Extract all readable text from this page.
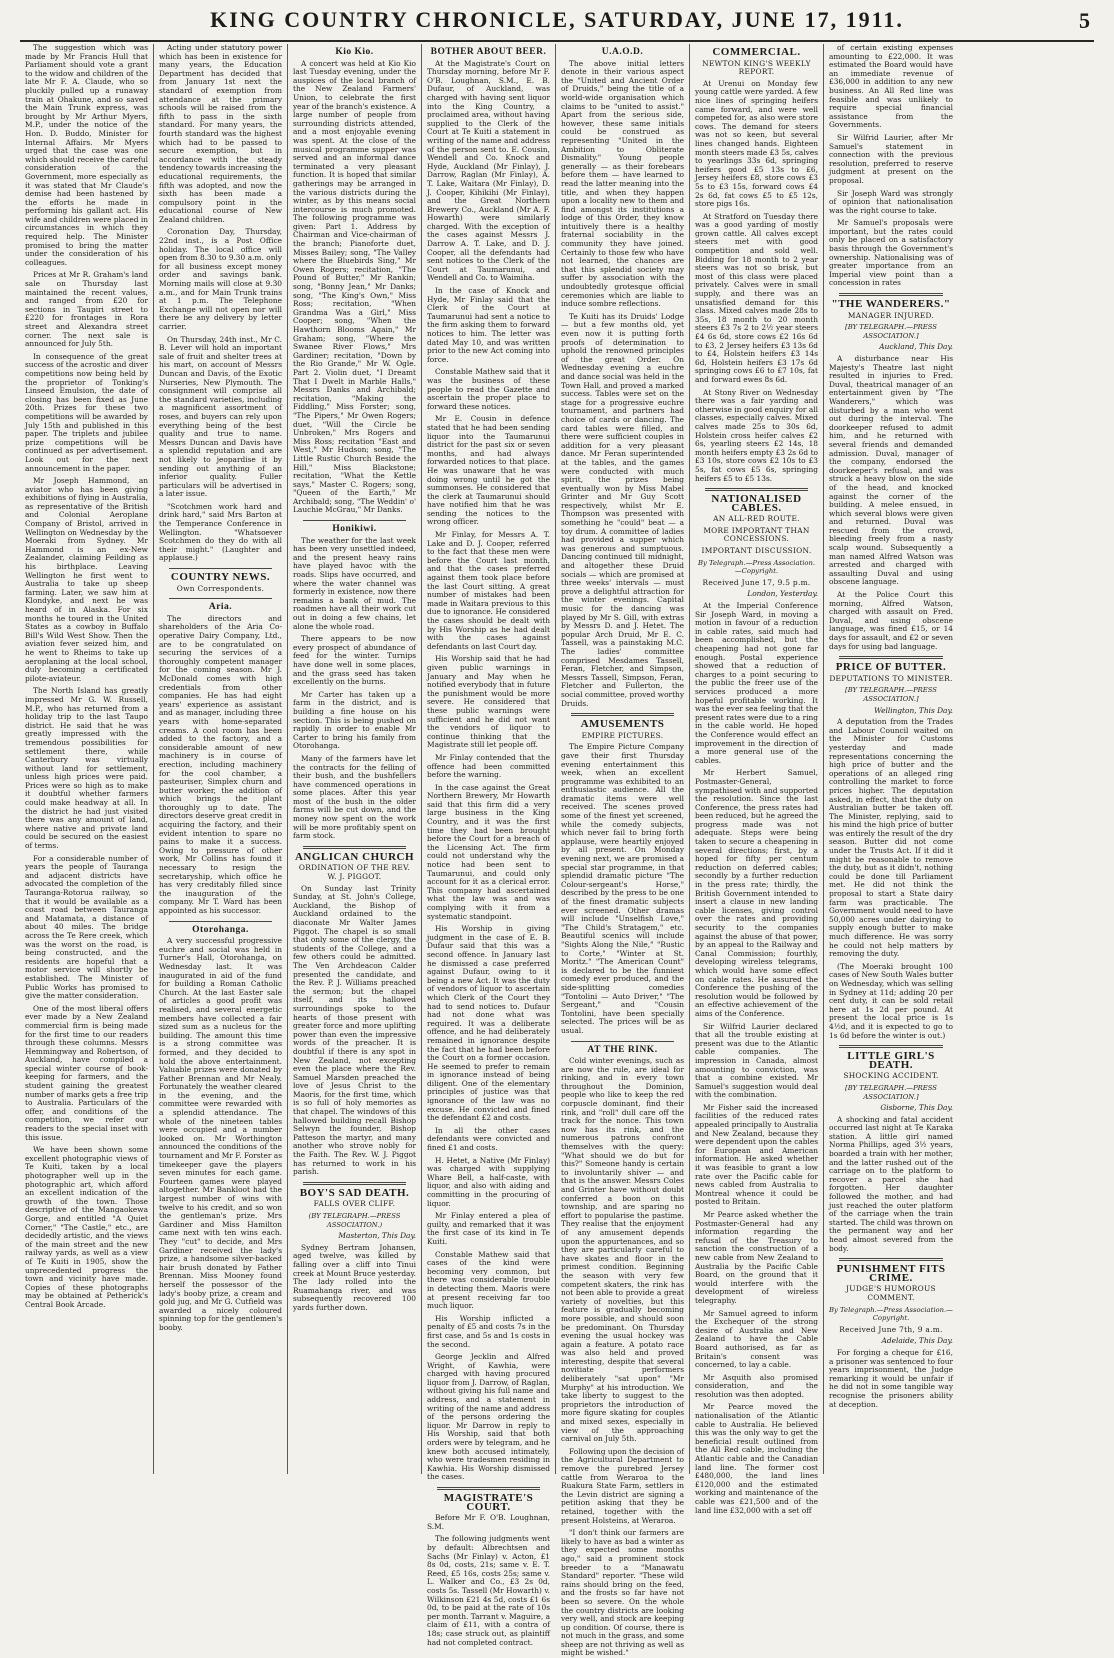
KING COUNTRY CHRONICLE, SATURDAY, JUNE 17, 1911.	5

The suggestion which was made by Mr Francis Hull that Parliament should vote a grant to the widow and children of the late Mr F. A. Claude, who so pluckily pulled up a runaway train at Ohakune, and so saved the Main Trunk express, was brought by Mr Arthur Myers, M.P., under the notice of the Hon. D. Buddo, Minister for Internal Affairs. Mr Myers urged that the case was one which should receive the careful consideration of the Government, more especially as it was stated that Mr Claude's demise had been hastened by the efforts he made in performing his gallant act. His wife and children were placed in circumstances in which they required help. The Minister promised to bring the matter under the consideration of his colleagues.

Prices at Mr R. Graham's land sale on Thursday last maintained the recent values, and ranged from £20 for sections in Taupiri street to £220 for frontages in Rora street and Alexandra street corner. The next sale is announced for July 5th.

In consequence of the great success of the acrostic and diver competitions now being held by the proprietor of Tonking's Linseed Emulsion, the date of closing has been fixed as June 20th. Prizes for these two competitions will be awarded by July 15th and published in this paper. The triplets and jubilee prize competitions will be continued as per advertisement. Look out for the next announcement in the paper.

Mr Joseph Hammond, an aviator who has been giving exhibitions of flying in Australia, as representative of the British and Colonial Aeroplane Company of Bristol, arrived in Wellington on Wednesday by the Moeraki from Sydney. Mr Hammond is an ex-New Zealander, claiming Feilding as his birthplace. Leaving Wellington he first went to Australia to take up sheep farming. Later, we saw him at Klondyke, and next he was heard of in Alaska. For six months he toured in the United States as a cowboy in Buffalo Bill's Wild West Show. Then the aviation fever seized him, and he went to Rheims to take up aeroplaning at the local school, duly becoming a certificated pilote-aviateur.

The North Island has greatly impressed Mr G. W. Russell, M.P., who has returned from a holiday trip to the last Taupo district. He said that he was greatly impressed with the tremendous possibilities for settlement there, while Canterbury was virtually without land for settlement, unless high prices were paid. Prices were so high as to make it doubtful whether farmers could make headway at all. In the district he had just visited there was any amount of land, where native and private land could be secured on the easiest of terms.

For a considerable number of years the people of Tauranga and adjacent districts have advocated the completion of the Tauranga-Rotorua railway, so that it would be available as a coast road between Tauranga and Matamata, a distance of about 40 miles. The bridge across the Te Rere creek, which was the worst on the road, is being constructed, and the residents are hopeful that a motor service will shortly be established. The Minister of Public Works has promised to give the matter consideration.

One of the most liberal offers ever made by a New Zealand commercial firm is being made for the first time to our readers through these columns. Messrs Hemmingway and Robertson, of Auckland, have compiled a special winter course of book-keeping for farmers, and the student gaining the greatest number of marks gets a free trip to Australia. Particulars of the offer, and conditions of the competition, we refer our readers to the special inset with this issue.

We have been shown some excellent photographic views of Te Kuiti, taken by a local photographer well up in the photographic art, which afford an excellent indication of the growth of the town. Those descriptive of the Mangaokewa Gorge, and entitled "A Quiet Corner," "The Castle," etc., are decidedly artistic, and the views of the main street and the new railway yards, as well as a view of Te Kuiti in 1905, show the unprecedented progress the town and vicinity have made. Copies of these photographs may be obtained at Petherick's Central Book Arcade.

Acting under statutory power which has been in existence for many years, the Education Department has decided that from January 1st next the standard of exemption from attendance at the primary schools will be raised from the fifth to pass in the sixth standard. For many years, the fourth standard was the highest which had to be passed to secure exemption, but in accordance with the steady tendency towards increasing the educational requirements, the fifth was adopted, and now the sixth has been made a compulsory point in the educational course of New Zealand children.

Coronation Day, Thursday, 22nd inst., is a Post Office holiday. The local office will open from 8.30 to 9.30 a.m. only for all business except money order and savings bank. Morning mails will close at 9.30 a.m., and for Main Trunk trains at 1 p.m. The Telephone Exchange will not open nor will there be any delivery by letter carrier.

On Thursday, 24th inst., Mr C. B. Lever will hold an important sale of fruit and shelter trees at his mart, on account of Messrs Duncan and Davis, of the Exotic Nurseries, New Plymouth. The consignment will comprise all the standard varieties, including a magnificent assortment of roses, and buyers can rely upon everything being of the best quality and true to name. Messrs Duncan and Davis have a splendid reputation and are not likely to jeopardise it by sending out anything of an inferior quality. Fuller particulars will be advertised in a later issue.

"Scotchmen work hard and drink hard," said Mrs Barton at the Temperance Conference in Wellington. "Whatsoever Scotchmen do they do with all their might." (Laughter and applause.)

COUNTRY NEWS.
Own Correspondents.
Aria.

The directors and shareholders of the Aria Co-operative Dairy Company, Ltd., are to be congratulated on securing the services of a thoroughly competent manager for the coming season. Mr J. McDonald comes with high credentials from other companies. He has had eight years' experience as assistant and as manager, including three years with home-separated creams. A cool room has been added to the factory, and a considerable amount of new machinery is in course of erection, including machinery for the cool chamber, a pasteuriser, Simplex churn and butter worker, the addition of which brings the plant thoroughly up to date. The directors deserve great credit in acquiring the factory, and their evident intention to spare no pains to make it a success. Owing to pressure of other work, Mr Collins has found it necessary to resign the secretaryship, which office he has very creditably filled since the inauguration of the company. Mr T. Ward has been appointed as his successor.

Otorohanga.

A very successful progressive euchre and social was held in Turner's Hall, Otorohanga, on Wednesday last. It was inaugurated in aid of the fund for building a Roman Catholic Church. At the last Easter sale of articles a good profit was realised, and several energetic members have collected a fair sized sum as a nucleus for the building. The amount this time is a strong committee was formed, and they decided to hold the above entertainment. Valuable prizes were donated by Father Brennan and Mr Nealy. Fortunately the weather cleared in the evening, and the committee were rewarded with a splendid attendance. The whole of the nineteen tables were occupied and a number looked on. Mr Worthington announced the conditions of the tournament and Mr F. Forster as timekeeper gave the players seven minutes for each game. Fourteen games were played altogether. Mr Bankloot had the largest number of wins with twelve to his credit, and so won the gentleman's prize. Mrs Gardiner and Miss Hamilton came next with ten wins each. They "cut" to decide, and Mrs Gardiner received the lady's prize, a handsome silver-backed hair brush donated by Father Brennan. Miss Mooney found herself the possessor of the lady's booby prize, a cream and gold jug, and Mr G. Cutfield was awarded a nicely coloured spinning top for the gentlemen's booby.

Kio Kio.

A concert was held at Kio Kio last Tuesday evening, under the auspices of the local branch of the New Zealand Farmers' Union, to celebrate the first year of the branch's existence. A large number of people from surrounding districts attended, and a most enjoyable evening was spent. At the close of the musical programme supper was served and an informal dance terminated a very pleasant function. It is hoped that similar gatherings may be arranged in the various districts during the winter, as by this means social intercourse is much promoted. The following programme was given: Part 1. Address by Chairman and Vice-chairman of the branch; Pianoforte duet, Misses Bailey; song, "The Valley where the Bluebirds Sing," Mr Owen Rogers; recitation, "The Pound of Butter," Mr Rankin; song, "Bonny Jean," Mr Danks; song, "The King's Own," Miss Ross; recitation, "When Grandma Was a Girl," Miss Cooper; song, "When the Hawthorn Blooms Again," Mr Graham; song, "Where the Swanee River Flows," Mrs Gardiner; recitation, "Down by the Rio Grande," Mr W. Ogle. Part 2. Violin duet, "I Dreamt That I Dwelt in Marble Halls," Messrs Danks and Archibald; recitation, "Making the Fiddling," Miss Forster; song, "The Pipers," Mr Owen Rogers; duet, "Will the Circle be Unbroken," Mrs Rogers and Miss Ross; recitation "East and West," Mr Hudson; song, "The Little Rustic Church Beside the Hill," Miss Blackstone; recitation, "What the Kettle says," Master C. Rogers; song, "Queen of the Earth," Mr Archibald; song, "The Weddin' o' Lauchie McGrau," Mr Danks.

Honikiwi.

The weather for the last week has been very unsettled indeed, and the present heavy rains have played havoc with the roads. Slips have occurred, and where the water channel was formerly in existence, now there remains a bank of mud. The roadmen have all their work cut out in doing a few chains, let alone the whole road.

There appears to be now every prospect of abundance of feed for the winter. Turnips have done well in some places, and the grass seed has taken excellently on the burns.

Mr Carter has taken up a farm in the district, and is building a fine house on his section. This is being pushed on rapidly in order to enable Mr Carter to bring his family from Otorohanga.

Many of the farmers have let the contracts for the felling of their bush, and the bushfellers have commenced operations in some places. After this year most of the bush in the older farms will be cut down, and the money now spent on the work will be more profitably spent on farm stock.

ANGLICAN CHURCH
ORDINATION OF THE REV. W. J. PIGGOT.

On Sunday last Trinity Sunday, at St. John's College, Auckland, the Bishop of Auckland ordained to the diaconate Mr Walter James Piggot. The chapel is so small that only some of the clergy, the students of the College, and a few others could be admitted. The Ven Archdeacon Calder presented the candidate, and the Rev. P. J. Williams preached the sermon; but the chapel itself, and its hallowed surroundings spoke to the hearts of those present with greater force and more uplifting power than even the impressive words of the preacher. It is doubtful if there is any spot in New Zealand, not excepting even the place where the Rev. Samuel Marsden preached the love of Jesus Christ to the Maoris, for the first time, which is so full of holy memories as that chapel. The windows of this hallowed building recall Bishop Selwyn the founder, Bishop Patteson the martyr, and many another who strove nobly for the Faith. The Rev. W. J. Piggot has returned to work in his parish.

BOY'S SAD DEATH.
FALLS OVER CLIFF.
(BY TELEGRAPH.—PRESS ASSOCIATION.)
Masterton, This Day.

Sydney Bertram Johansen, aged twelve, was killed by falling over a cliff into Tinui creek at Mount Bruce yesterday. The lady rolled into the Ruamahanga river, and was subsequently recovered 100 yards further down.

BOTHER ABOUT BEER.

At the Magistrate's Court on Thursday morning, before Mr F. O'B. Loughnan, S.M., E. B. Dufaur, of Auckland, was charged with having sent liquor into the King Country, a proclaimed area, without having supplied to the Clerk of the Court at Te Kuiti a statement in writing of the name and address of the person sent to. E. Cousin, Wendell and Co. Knock and Hyde, Auckland (Mr Finlay), J. Darrow, Raglan (Mr Finlay), A. T. Lake, Waitara (Mr Finlay), D. J. Cooper, Kihikihi (Mr Finlay), and the Great Northern Brewery Co., Auckland (Mr A. F. Howarth) were similarly charged. With the exception of the cases against Messrs J. Darrow A. T. Lake, and D. J. Cooper, all the defendants had sent notices to the Clerk of the Court at Taumarunui, and Wendell and Co. to Waimiha.

In the case of Knock and Hyde, Mr Finlay said that the Clerk of the Court at Taumarunui had sent a notice to the firm asking them to forward notices to him. The letter was dated May 10, and was written prior to the new Act coming into force.

Constable Mathew said that it was the business of these people to read the Gazette and ascertain the proper place to forward these notices.

Mr E. Cousin in defence stated that he had been sending liquor into the Taumarunui district for the past six or seven months, and had always forwarded notices to that place. He was unaware that he was doing wrong until he got the summonses. He considered that the clerk at Taumarunui should have notified him that he was sending the notices to the wrong officer.

Mr Finlay, for Messrs A. T. Lake and D. J. Cooper, referred to the fact that these men were before the Court last month, and that the cases preferred against them took place before the last Court sitting. A great number of mistakes had been made in Waitara previous to this due to ignorance. He considered the cases should be dealt with by His Worship as he had dealt with the cases against defendants on last Court day.

His Worship said that he had given public warnings in January and May when he notified everybody that in future the punishment would be more severe. He considered that these public warnings were sufficient and he did not want the vendors of liquor to continue thinking that the Magistrate still let people off.

Mr Finlay contended that the offence had been committed before the warning.

In the case against the Great Northern Brewery, Mr Howarth said that this firm did a very large business in the King Country, and it was the first time they had been brought before the Court for a breach of the Licensing Act. The firm could not understand why the notice had been sent to Taumarunui, and could only account for it as a clerical error. This company had ascertained what the law was and was complying with it from a systematic standpoint.

His Worship in giving judgment in the case of E. B. Dufaur said that this was a second offence. In January last he dismissed a case preferred against Dufaur, owing to it being a new Act. It was the duty of vendors of liquor to ascertain which Clerk of the Court they had to send notices to. Dufaur had not done what was required. It was a deliberate offence, and he had deliberately remained in ignorance despite the fact that he had been before the Court on a former occasion. He seemed to prefer to remain in ignorance instead of being diligent. One of the elementary principles of justice was that ignorance of the law was no excuse. He convicted and fined the defendant £2 and costs.

In all the other cases defendants were convicted and fined £1 and costs.

H. Hetet, a Native (Mr Finlay) was charged with supplying Whare Bell, a half-caste, with liquor, and also with aiding and committing in the procuring of liquor.

Mr Finlay entered a plea of guilty, and remarked that it was the first case of its kind in Te Kuiti.

Constable Mathew said that cases of the kind were becoming very common, but there was considerable trouble in detecting them. Maoris were at present receiving far too much liquor.

His Worship inflicted a penalty of £5 and costs 7s in the first case, and 5s and 1s costs in the second.

George Jecklin and Alfred Wright, of Kawhia, were charged with having procured liquor from J. Darrow, of Raglan, without giving his full name and address, and a statement in writing of the name and address of the persons ordering the liquor. Mr Darrow in reply to His Worship, said that both orders were by telegram, and he knew both accused intimately, who were tradesmen residing in Kawhia. His Worship dismissed the cases.

MAGISTRATE'S COURT.

Before Mr F. O'B. Loughnan, S.M.

The following judgments went by default: Albrechtsen and Sachs (Mr Finlay) v. Acton, £1 8s 0d, costs, 21s; same v. E. T. Reed, £5 16s, costs 25s; same v. L. Walker and Co., £3 2s 0d, costs 5s. Tassell (Mr Howarth) v. Wilkinson £21 4s 5d, costs £1 6s 0d, to be paid at the rate of 10s per month. Tarrant v. Maguire, a claim of £11, with a contra of 18s; case struck out, as plaintiff had not completed contract.

U.A.O.D.

The above initial letters denote in their various aspect the "United and Ancient Order of Druids," being the title of a world-wide organisation which claims to be "united to assist." Apart from the serious side, however, these same initials could be construed as representing "United in the Ambition to Obliterate Dismality." Young people generally — as their forebears before them — have learned to read the latter meaning into the title, and when they happen upon a locality new to them and find amongst its institutions a lodge of this Order, they know intuitively there is a healthy fraternal sociability in the community they have joined. Certainly to those few who have not learned, the chances are that this splendid society may suffer by association with the undoubtedly grotesque official ceremonies which are liable to induce sombre reflections.

Te Kuiti has its Druids' Lodge — but a few months old, yet even now it is putting forth proofs of determination to uphold the renowned principles of the great Order. On Wednesday evening a euchre and dance social was held in the Town Hall, and proved a marked success. Tables were set on the stage for a progressive euchre tournament, and partners had choice of cards or dancing. The card tables were filled, and there were sufficient couples in addition for a very pleasant dance. Mr Feran superintended at the tables, and the games were conducted with much spirit, the prizes being eventually won by Miss Mabel Grinter and Mr Guy Scott respectively, whilst Mr E. Thompson was presented with something he "could" beat — a toy drum. A committee of ladies had provided a supper which was generous and sumptuous. Dancing continued till midnight, and altogether these Druid socials — which are promised at three weeks' intervals — must prove a delightful attraction for the winter evenings. Capital music for the dancing was played by Mr S. Gill, with extras by Messrs D. and J. Hetet. The popular Arch Druid, Mr E. C. Tassell, was a painstaking M.C. The ladies' committee comprised Mesdames Tassell, Feran, Fletcher, and Simpson, Messrs Tassell, Simpson, Feran, Fletcher and Fullerton, the social committee, proved worthy Druids.

AMUSEMENTS
EMPIRE PICTURES.

The Empire Picture Company gave their first Thursday evening entertainment this week, when an excellent programme was exhibited to an enthusiastic audience. All the dramatic items were well received. The scenes proved some of the finest yet screened, while the comedy subjects, which never fail to bring forth applause, were heartily enjoyed by all present. On Monday evening next, we are promised a special star programme, in that splendid dramatic picture "The Colour-sergeant's Horse," described by the press to be one of the finest dramatic subjects ever screened. Other dramas will include "Unselfish Love," "The Child's Stratagem," etc. Beautiful scenics will include "Sights Along the Nile," "Rustic to Corte," "Winter at St. Moritz." "The American Count" is declared to be the funniest comedy ever produced, and the side-splitting comedies "Tontolini — Auto Driver," "The Sergeant," and "Cousin Tontolini, have been specially selected. The prices will be as usual.

AT THE RINK.

Cold winter evenings, such as are now the rule, are ideal for rinking, and in every town throughout the Dominion, people who like to keep the red corpuscle dominant, find their rink, and "roll" dull care off the track for the nonce. This town now has its rink, and the numerous patrons confront themselves with the query: "What should we do but for this?" Someone handy is certain to involuntarily shiver — and that is the answer. Messrs Coles and Grinter have without doubt conferred a boon on this township, and are sparing no effort to popularise the pastime. They realise that the enjoyment of any amusement depends upon the appurtenances, and so they are particularly careful to have skates and floor in the primest condition. Beginning the season with very few competent skaters, the rink has not been able to provide a great variety of novelties, but this feature is gradually becoming more possible, and should soon be predominant. On Thursday evening the usual hockey was again a feature. A potato race was also held and proved interesting, despite that several novitiate performers deliberately "sat upon" "Mr Murphy" at his introduction. We take liberty to suggest to the proprietors the introduction of more figure skating for couples and mixed sexes, especially in view of the approaching carnival on July 5th.

Following upon the decision of the Agricultural Department to remove the purebred Jersey cattle from Weraroa to the Ruakura State Farm, settlers in the Levin district are signing a petition asking that they be retained, together with the present Holsteins, at Weraroa.

"I don't think our farmers are likely to have as bad a winter as they expected some months ago," said a prominent stock breeder to a "Manawatu Standard" reporter. "These wild rains should bring on the feed, and the frosts so far have not been so severe. On the whole the country districts are looking very well, and stock are keeping up condition. Of course, there is not much in the grass, and some sheep are not thriving as well as might be wished."

COMMERCIAL.
NEWTON KING'S WEEKLY REPORT.

At Urenui on Monday few young cattle were yarded. A few nice lines of springing heifers came forward, and were well competed for, as also were store cows. The demand for steers was not so keen, but several lines changed hands. Eighteen month steers made £3 5s, calves to yearlings 33s 6d, springing heifers good £5 13s to £6, Jersey heifers £8, store cows £3 5s to £3 15s, forward cows £4 2s 6d, fat cows £5 to £5 12s, store pigs 16s.

At Stratford on Tuesday there was a good yarding of mostly grown cattle. All calves except steers met with good competition and sold well. Bidding for 18 month to 2 year steers was not so brisk, but most of this class were placed privately. Calves were in small supply, and there was an unsatisfied demand for this class. Mixed calves made 28s to 35s, 18 month to 20 month steers £3 7s 2 to 2½ year steers £4 6s 6d, store cows £2 16s 6d to £3, 2 Jersey heifers £3 13s 6d to £4, Holstein heifers £3 14s 6d, Holstein heifers £3 17s 6d springing cows £6 to £7 10s, fat and forward ewes 8s 6d.

At Stony River on Wednesday there was a fair yarding and otherwise in good enquiry for all classes, especially calves. Mixed calves made 25s to 30s 6d, Holstein cross heifer calves £2 6s, yearling steers £2 14s, 18 month heifers empty £3 2s 6d to £3 10s, store cows £2 10s to £3 5s, fat cows £5 6s, springing heifers £5 to £5 13s.

NATIONALISED CABLES.
AN ALL-RED ROUTE.
MORE IMPORTANT THAN CONCESSIONS.
IMPORTANT DISCUSSION.
By Telegraph.—Press Association.—Copyright.
Received June 17, 9.5 p.m.
London, Yesterday.

At the Imperial Conference Sir Joseph Ward, in moving a motion in favour of a reduction in cable rates, said much had been accomplished, but the cheapening had not gone far enough. Postal experience showed that a reduction of charges to a point securing to the public the freer use of the services produced a more hopeful profitable working. It was the ever sea feeling that the present rates were due to a ring in the cable world. He hoped the Conference would effect an improvement in the direction of a more general use of the cables.

Mr Herbert Samuel, Postmaster-General, sympathised with and supported the resolution. Since the last Conference, the press rates had been reduced, but he agreed the progress made was not adequate. Steps were being taken to secure a cheapening in several directions; first, by a hoped for fifty per centum reduction on deferred cables; secondly by a further reduction in the press rate; thirdly, the British Government intended to insert a clause in new landing cable licenses, giving control over the rates and providing security to the companies against the abuse of that power, by an appeal to the Railway and Canal Commission; fourthly, developing wireless telegrams, which would have some effect on cable rates. He assured the Conference the pushing of the resolution would be followed by an effective achievement of the aims of the Conference.

Sir Wilfrid Laurier declared that all the trouble existing at present was due to the Atlantic cable companies. The impression in Canada, almost amounting to conviction, was that a combine existed. Mr Samuel's suggestion would deal with the combination.

Mr Fisher said the increased facilities of the reduced rates appealed principally to Australia and New Zealand, because they were dependent upon the cables for European and American information. He asked whether it was feasible to grant a low rate over the Pacific cable for news cabled from Australia to Montreal whence it could be posted to Britain.

Mr Pearce asked whether the Postmaster-General had any information regarding the refusal of the Treasury to sanction the construction of a new cable from New Zealand to Australia by the Pacific Cable Board, on the ground that it would interfere with the development of wireless telegraphy.

Mr Samuel agreed to inform the Exchequer of the strong desire of Australia and New Zealand to have the Cable Board authorised, as far as Britain's consent was concerned, to lay a cable.

Mr Asquith also promised consideration, and the resolution was then adopted.

Mr Pearce moved the nationalisation of the Atlantic cable to Australia. He believed this was the only way to get the beneficial result outlined from the All Red cable, including the Atlantic cable and the Canadian land line. The former cost £480,000, the land lines £120,000 and the estimated working and maintenance of the cable was £21,500 and of the land line £32,000 with a set off

of certain existing expenses amounting to £22,000. It was estimated the Board would have an immediate revenue of £36,000 in addition to any new business. An All Red line was feasible and was unlikely to require special financial assistance from the Governments.

Sir Wilfrid Laurier, after Mr Samuel's statement in connection with the previous resolution, preferred to reserve judgment at present on the proposal.

Sir Joseph Ward was strongly of opinion that nationalisation was the right course to take.

Mr Samuel's proposals were important, but the rates could only be placed on a satisfactory basis through the Government's ownership. Nationalising was of greater importance from an Imperial view point than a concession in rates

"THE WANDERERS."
MANAGER INJURED.
[BY TELEGRAPH.—PRESS ASSOCIATION.]
Auckland, This Day.

A disturbance near His Majesty's Theatre last night resulted in injuries to Fred. Duval, theatrical manager of an entertainment given by "The Wanderers," which was disturbed by a man who went out during the interval. The doorkeeper refused to admit him, and he returned with several friends and demanded admission. Duval, manager of the company, endorsed the doorkeeper's refusal, and was struck a heavy blow on the side of the head, and knocked against the corner of the building. A melee ensued, in which several blows were given and returned. Duval was rescued from the crowd, bleeding freely from a nasty scalp wound. Subsequently a man named Alfred Watson was arrested and charged with assaulting Duval and using obscene language.

At the Police Court this morning, Alfred Watson, charged with assault on Fred. Duval, and using obscene language, was fined £15, or 14 days for assault, and £2 or seven days for using bad language.

PRICE OF BUTTER.
DEPUTATIONS TO MINISTER.
[BY TELEGRAPH.—PRESS ASSOCIATION.]
Wellington, This Day.

A deputation from the Trades and Labour Council waited on the Minister for Customs yesterday and made representations concerning the high price of butter and the operations of an alleged ring controlling the market to force prices higher. The deputation asked, in effect, that the duty on Australian butter be taken off. The Minister, replying, said to his mind the high price of butter was entirely the result of the dry season. Butter did not come under the Trusts Act. If it did it might be reasonable to remove the duty, but as it didn't, nothing could be done till Parliament met. He did not think the proposal to start a State dairy farm was practicable. The Government would need to have 50,000 acres under dairying to supply enough butter to make much difference. He was sorry he could not help matters by removing the duty.

(The Moeraki brought 100 cases of New South Wales butter on Wednesday, which was selling in Sydney at 11d; adding 20 per cent duty, it can be sold retail here at 1s 2d per pound. At present the local price is 1s 4½d, and it is expected to go to 1s 6d before the winter is out.)

LITTLE GIRL'S DEATH.
SHOCKING ACCIDENT.
[BY TELEGRAPH.—PRESS ASSOCIATION.]
Gisborne, This Day.

A shocking and fatal accident occurred last night at Te Karaka station. A little girl named Norma Phillips, aged 3½ years, boarded a train with her mother, and the latter rushed out of the carriage on to the platform to recover a parcel she had forgotten. Her daughter followed the mother, and had just reached the outer platform of the carriage when the train started. The child was thrown on the permanent way and her head almost severed from the body.

PUNISHMENT FITS CRIME.
JUDGE'S HUMOROUS COMMENT.
By Telegraph.—Press Association.—Copyright.
Received June 7th, 9 a.m.
Adelaide, This Day.

For forging a cheque for £16, a prisoner was sentenced to four years imprisonment, the Judge remarking it would be unfair if he did not in some tangible way recognise the prisoners ability at deception.
